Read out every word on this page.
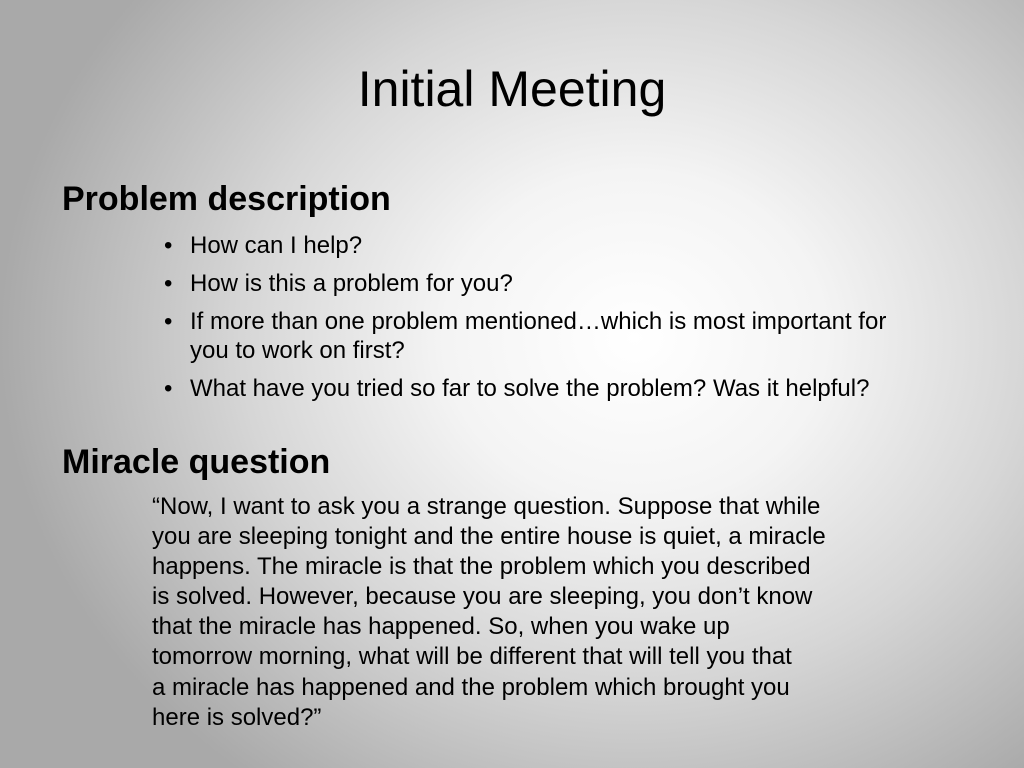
Initial Meeting
Problem description
• How can I help?
• How is this a problem for you?
• If more than one problem mentioned…which is most important for you to work on first?
• What have you tried so far to solve the problem? Was it helpful?
Miracle question

“Now, I want to ask you a strange question. Suppose that while
you are sleeping tonight and the entire house is quiet, a miracle
happens. The miracle is that the problem which you described
is solved. However, because you are sleeping, you don’t know
that the miracle has happened. So, when you wake up
tomorrow morning, what will be different that will tell you that
a miracle has happened and the problem which brought you
here is solved?”
